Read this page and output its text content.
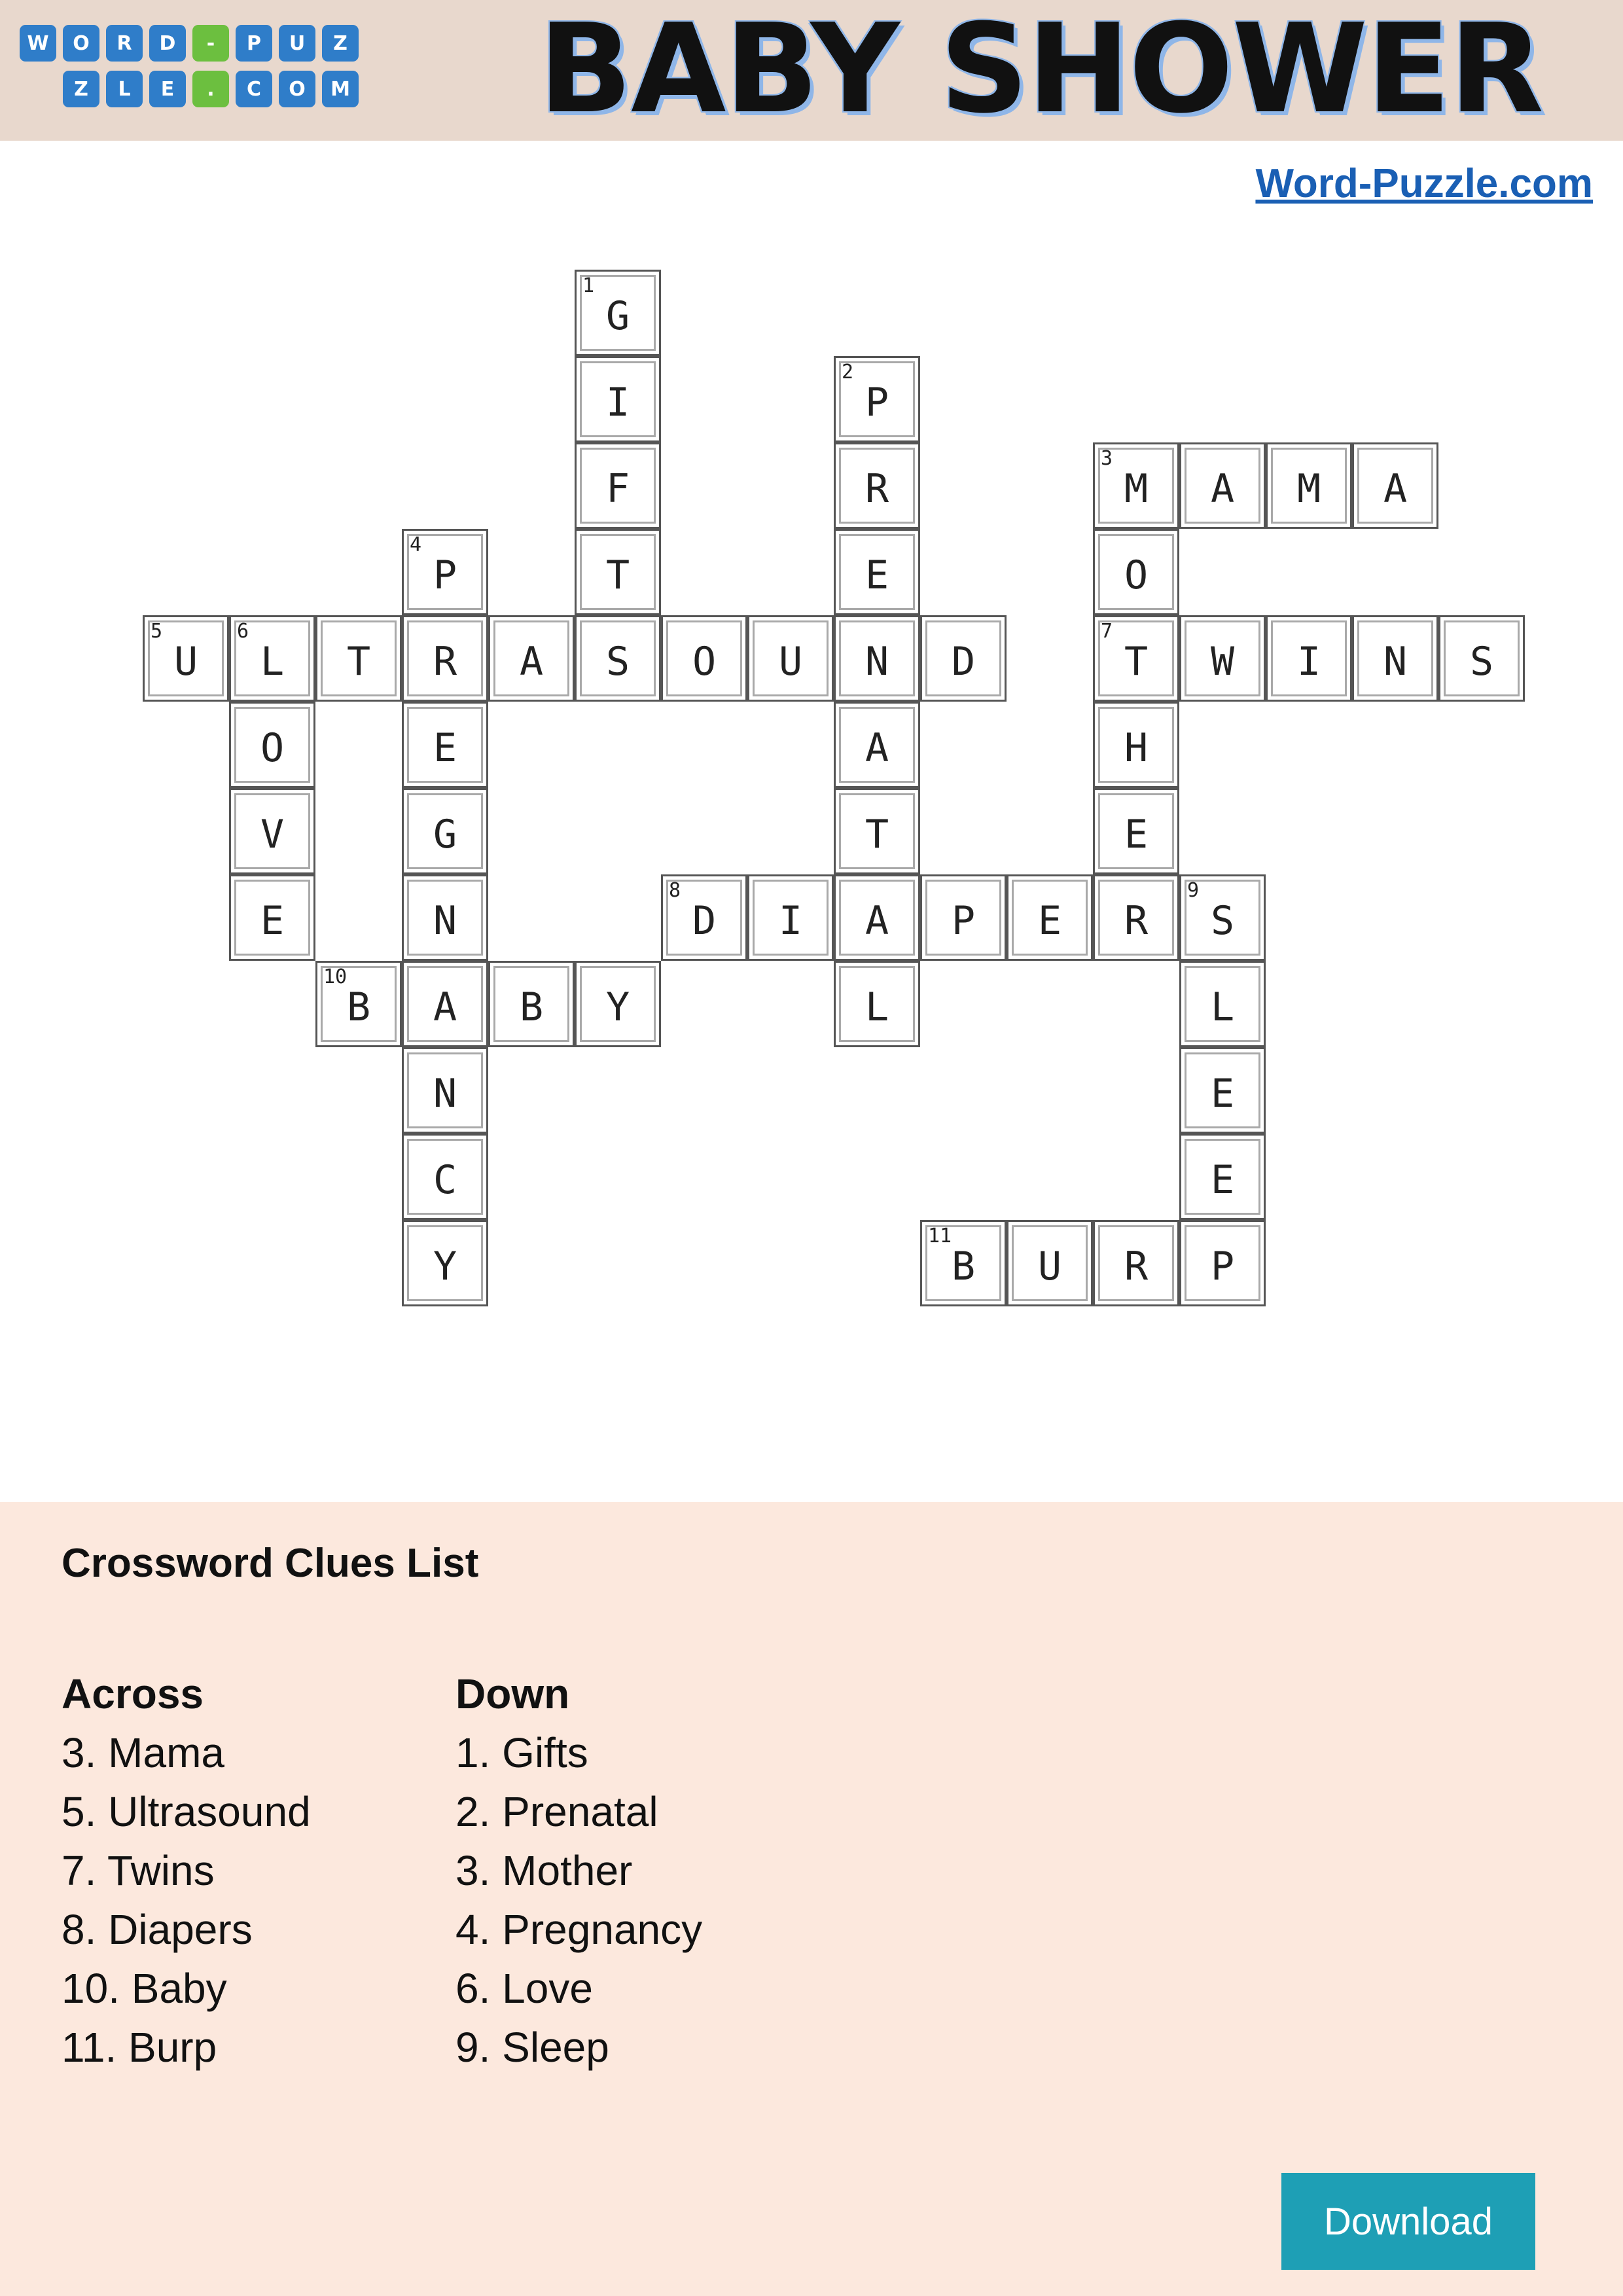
W	O	R	D	-	P	U	Z
Z	L	E	.	C	O	M	BABY SHOWER
Word-Puzzle.com
1
G
I
F
T
2
P
R
E
N
A
T
A
L
3
M	A	M	A
O
7
T
H
E
R
4
P
R
E
G
N
A
N
C
Y
5
U
6
L	T	A	S	O	U	D
O
V
E
W	I	N	S
8
D	I	P	E
9
S
L
E
E
P
10
B	B	Y
11
B	U	R
Crossword Clues List
Across
3. Mama
5. Ultrasound
7. Twins
8. Diapers
10. Baby
11. Burp
Down
1. Gifts
2. Prenatal
3. Mother
4. Pregnancy
6. Love
9. Sleep
Download
